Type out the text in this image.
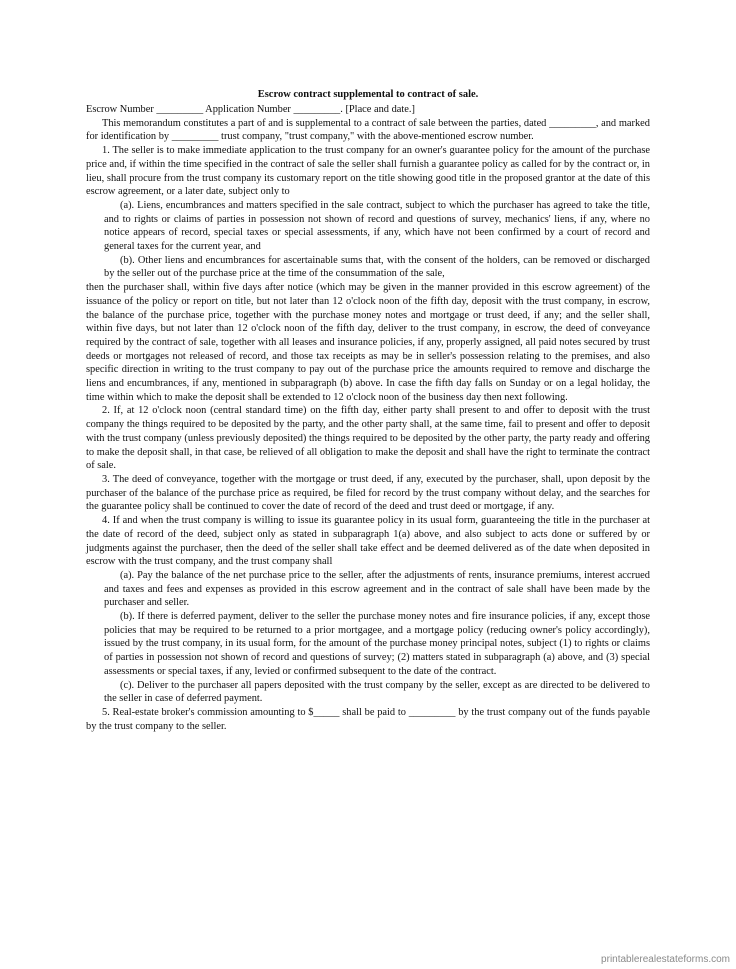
Escrow contract supplemental to contract of sale.

Escrow Number _________ Application Number _________. [Place and date.]

This memorandum constitutes a part of and is supplemental to a contract of sale between the parties, dated _________, and marked for identification by _________ trust company, "trust company," with the above-mentioned escrow number.

1. The seller is to make immediate application to the trust company for an owner's guarantee policy for the amount of the purchase price and, if within the time specified in the contract of sale the seller shall furnish a guarantee policy as called for by the contract or, in lieu, shall procure from the trust company its customary report on the title showing good title in the proposed grantor at the date of this escrow agreement, or a later date, subject only to

(a). Liens, encumbrances and matters specified in the sale contract, subject to which the purchaser has agreed to take the title, and to rights or claims of parties in possession not shown of record and questions of survey, mechanics' liens, if any, where no notice appears of record, special taxes or special assessments, if any, which have not been confirmed by a court of record and general taxes for the current year, and

(b). Other liens and encumbrances for ascertainable sums that, with the consent of the holders, can be removed or discharged by the seller out of the purchase price at the time of the consummation of the sale,

then the purchaser shall, within five days after notice (which may be given in the manner provided in this escrow agreement) of the issuance of the policy or report on title, but not later than 12 o'clock noon of the fifth day, deposit with the trust company, in escrow, the balance of the purchase price, together with the purchase money notes and mortgage or trust deed, if any; and the seller shall, within five days, but not later than 12 o'clock noon of the fifth day, deliver to the trust company, in escrow, the deed of conveyance required by the contract of sale, together with all leases and insurance policies, if any, properly assigned, all paid notes secured by trust deeds or mortgages not released of record, and those tax receipts as may be in seller's possession relating to the premises, and also specific direction in writing to the trust company to pay out of the purchase price the amounts required to remove and discharge the liens and encumbrances, if any, mentioned in subparagraph (b) above. In case the fifth day falls on Sunday or on a legal holiday, the time within which to make the deposit shall be extended to 12 o'clock noon of the business day then next following.

2. If, at 12 o'clock noon (central standard time) on the fifth day, either party shall present to and offer to deposit with the trust company the things required to be deposited by the party, and the other party shall, at the same time, fail to present and offer to deposit with the trust company (unless previously deposited) the things required to be deposited by the other party, the party ready and offering to make the deposit shall, in that case, be relieved of all obligation to make the deposit and shall have the right to terminate the contract of sale.

3. The deed of conveyance, together with the mortgage or trust deed, if any, executed by the purchaser, shall, upon deposit by the purchaser of the balance of the purchase price as required, be filed for record by the trust company without delay, and the searches for the guarantee policy shall be continued to cover the date of record of the deed and trust deed or mortgage, if any.

4. If and when the trust company is willing to issue its guarantee policy in its usual form, guaranteeing the title in the purchaser at the date of record of the deed, subject only as stated in subparagraph 1(a) above, and also subject to acts done or suffered by or judgments against the purchaser, then the deed of the seller shall take effect and be deemed delivered as of the date when deposited in escrow with the trust company, and the trust company shall

(a). Pay the balance of the net purchase price to the seller, after the adjustments of rents, insurance premiums, interest accrued and taxes and fees and expenses as provided in this escrow agreement and in the contract of sale shall have been made by the purchaser and seller.

(b). If there is deferred payment, deliver to the seller the purchase money notes and fire insurance policies, if any, except those policies that may be required to be returned to a prior mortgagee, and a mortgage policy (reducing owner's policy accordingly), issued by the trust company, in its usual form, for the amount of the purchase money principal notes, subject (1) to rights or claims of parties in possession not shown of record and questions of survey; (2) matters stated in subparagraph (a) above, and (3) special assessments or special taxes, if any, levied or confirmed subsequent to the date of the contract.

(c). Deliver to the purchaser all papers deposited with the trust company by the seller, except as are directed to be delivered to the seller in case of deferred payment.

5. Real-estate broker's commission amounting to $_____ shall be paid to _________ by the trust company out of the funds payable by the trust company to the seller.

printablerealestateforms.com
